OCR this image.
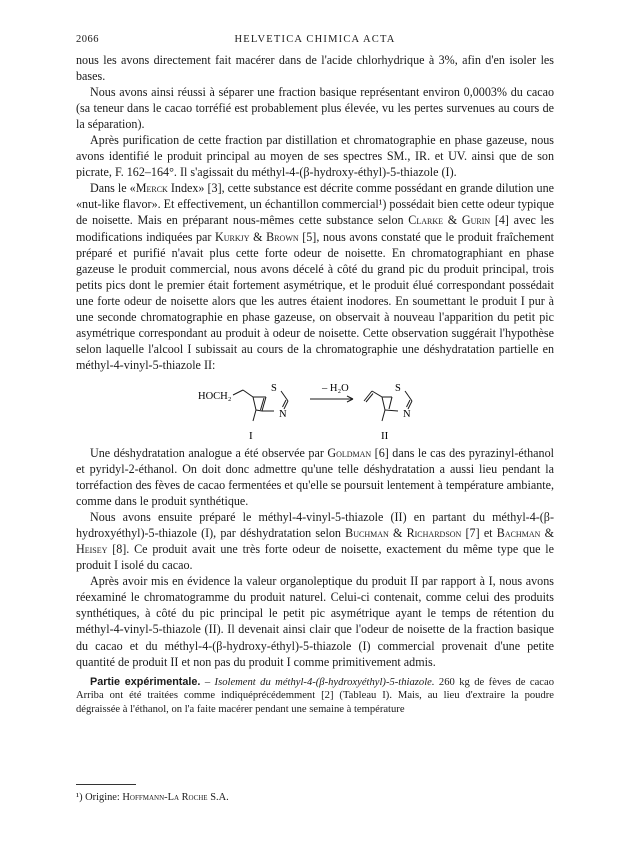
2066	HELVETICA CHIMICA ACTA

nous les avons directement fait macérer dans de l'acide chlorhydrique à 3%, afin d'en isoler les bases.

Nous avons ainsi réussi à séparer une fraction basique représentant environ 0,0003% du cacao (sa teneur dans le cacao torréfié est probablement plus élevée, vu les pertes survenues au cours de la séparation).

Après purification de cette fraction par distillation et chromatographie en phase gazeuse, nous avons identifié le produit principal au moyen de ses spectres SM., IR. et UV. ainsi que de son picrate, F. 162–164°. Il s'agissait du méthyl-4-(β-hydroxy-éthyl)-5-thiazole (I).

Dans le «Merck Index» [3], cette substance est décrite comme possédant en grande dilution une «nut-like flavor». Et effectivement, un échantillon commercial¹) possédait bien cette odeur typique de noisette. Mais en préparant nous-mêmes cette substance selon Clarke & Gurin [4] avec les modifications indiquées par Kurkjy & Brown [5], nous avons constaté que le produit fraîchement préparé et purifié n'avait plus cette forte odeur de noisette. En chromatographiant en phase gazeuse le produit commercial, nous avons décelé à côté du grand pic du produit principal, trois petits pics dont le premier était fortement asymétrique, et le produit élué correspondant possédait une forte odeur de noisette alors que les autres étaient inodores. En soumettant le produit I pur à une seconde chromatographie en phase gazeuse, on observait à nouveau l'apparition du petit pic asymétrique correspondant au produit à odeur de noisette. Cette observation suggérait l'hypothèse selon laquelle l'alcool I subissait au cours de la chromatographie une déshydratation partielle en méthyl-4-vinyl-5-thiazole II:

HOCH₂
S
N
– H₂O	S
N
I	II

Une déshydratation analogue a été observée par Goldman [6] dans le cas des pyrazinyl-éthanol et pyridyl-2-éthanol. On doit donc admettre qu'une telle déshydratation a aussi lieu pendant la torréfaction des fèves de cacao fermentées et qu'elle se poursuit lentement à température ambiante, comme dans le produit synthétique.

Nous avons ensuite préparé le méthyl-4-vinyl-5-thiazole (II) en partant du méthyl-4-(β-hydroxyéthyl)-5-thiazole (I), par déshydratation selon Buchman & Richardson [7] et Bachman & Heisey [8]. Ce produit avait une très forte odeur de noisette, exactement du même type que le produit I isolé du cacao.

Après avoir mis en évidence la valeur organoleptique du produit II par rapport à I, nous avons réexaminé le chromatogramme du produit naturel. Celui-ci contenait, comme celui des produits synthétiques, à côté du pic principal le petit pic asymétrique ayant le temps de rétention du méthyl-4-vinyl-5-thiazole (II). Il devenait ainsi clair que l'odeur de noisette de la fraction basique du cacao et du méthyl-4-(β-hydroxy-éthyl)-5-thiazole (I) commercial provenait d'une petite quantité de produit II et non pas du produit I comme primitivement admis.

Partie expérimentale. – Isolement du méthyl-4-(β-hydroxyéthyl)-5-thiazole. 260 kg de fèves de cacao Arriba ont été traitées comme indiquéprécédemment [2] (Tableau I). Mais, au lieu d'extraire la poudre dégraissée à l'éthanol, on l'a faite macérer pendant une semaine à température

¹) Origine: Hoffmann-La Roche S.A.
